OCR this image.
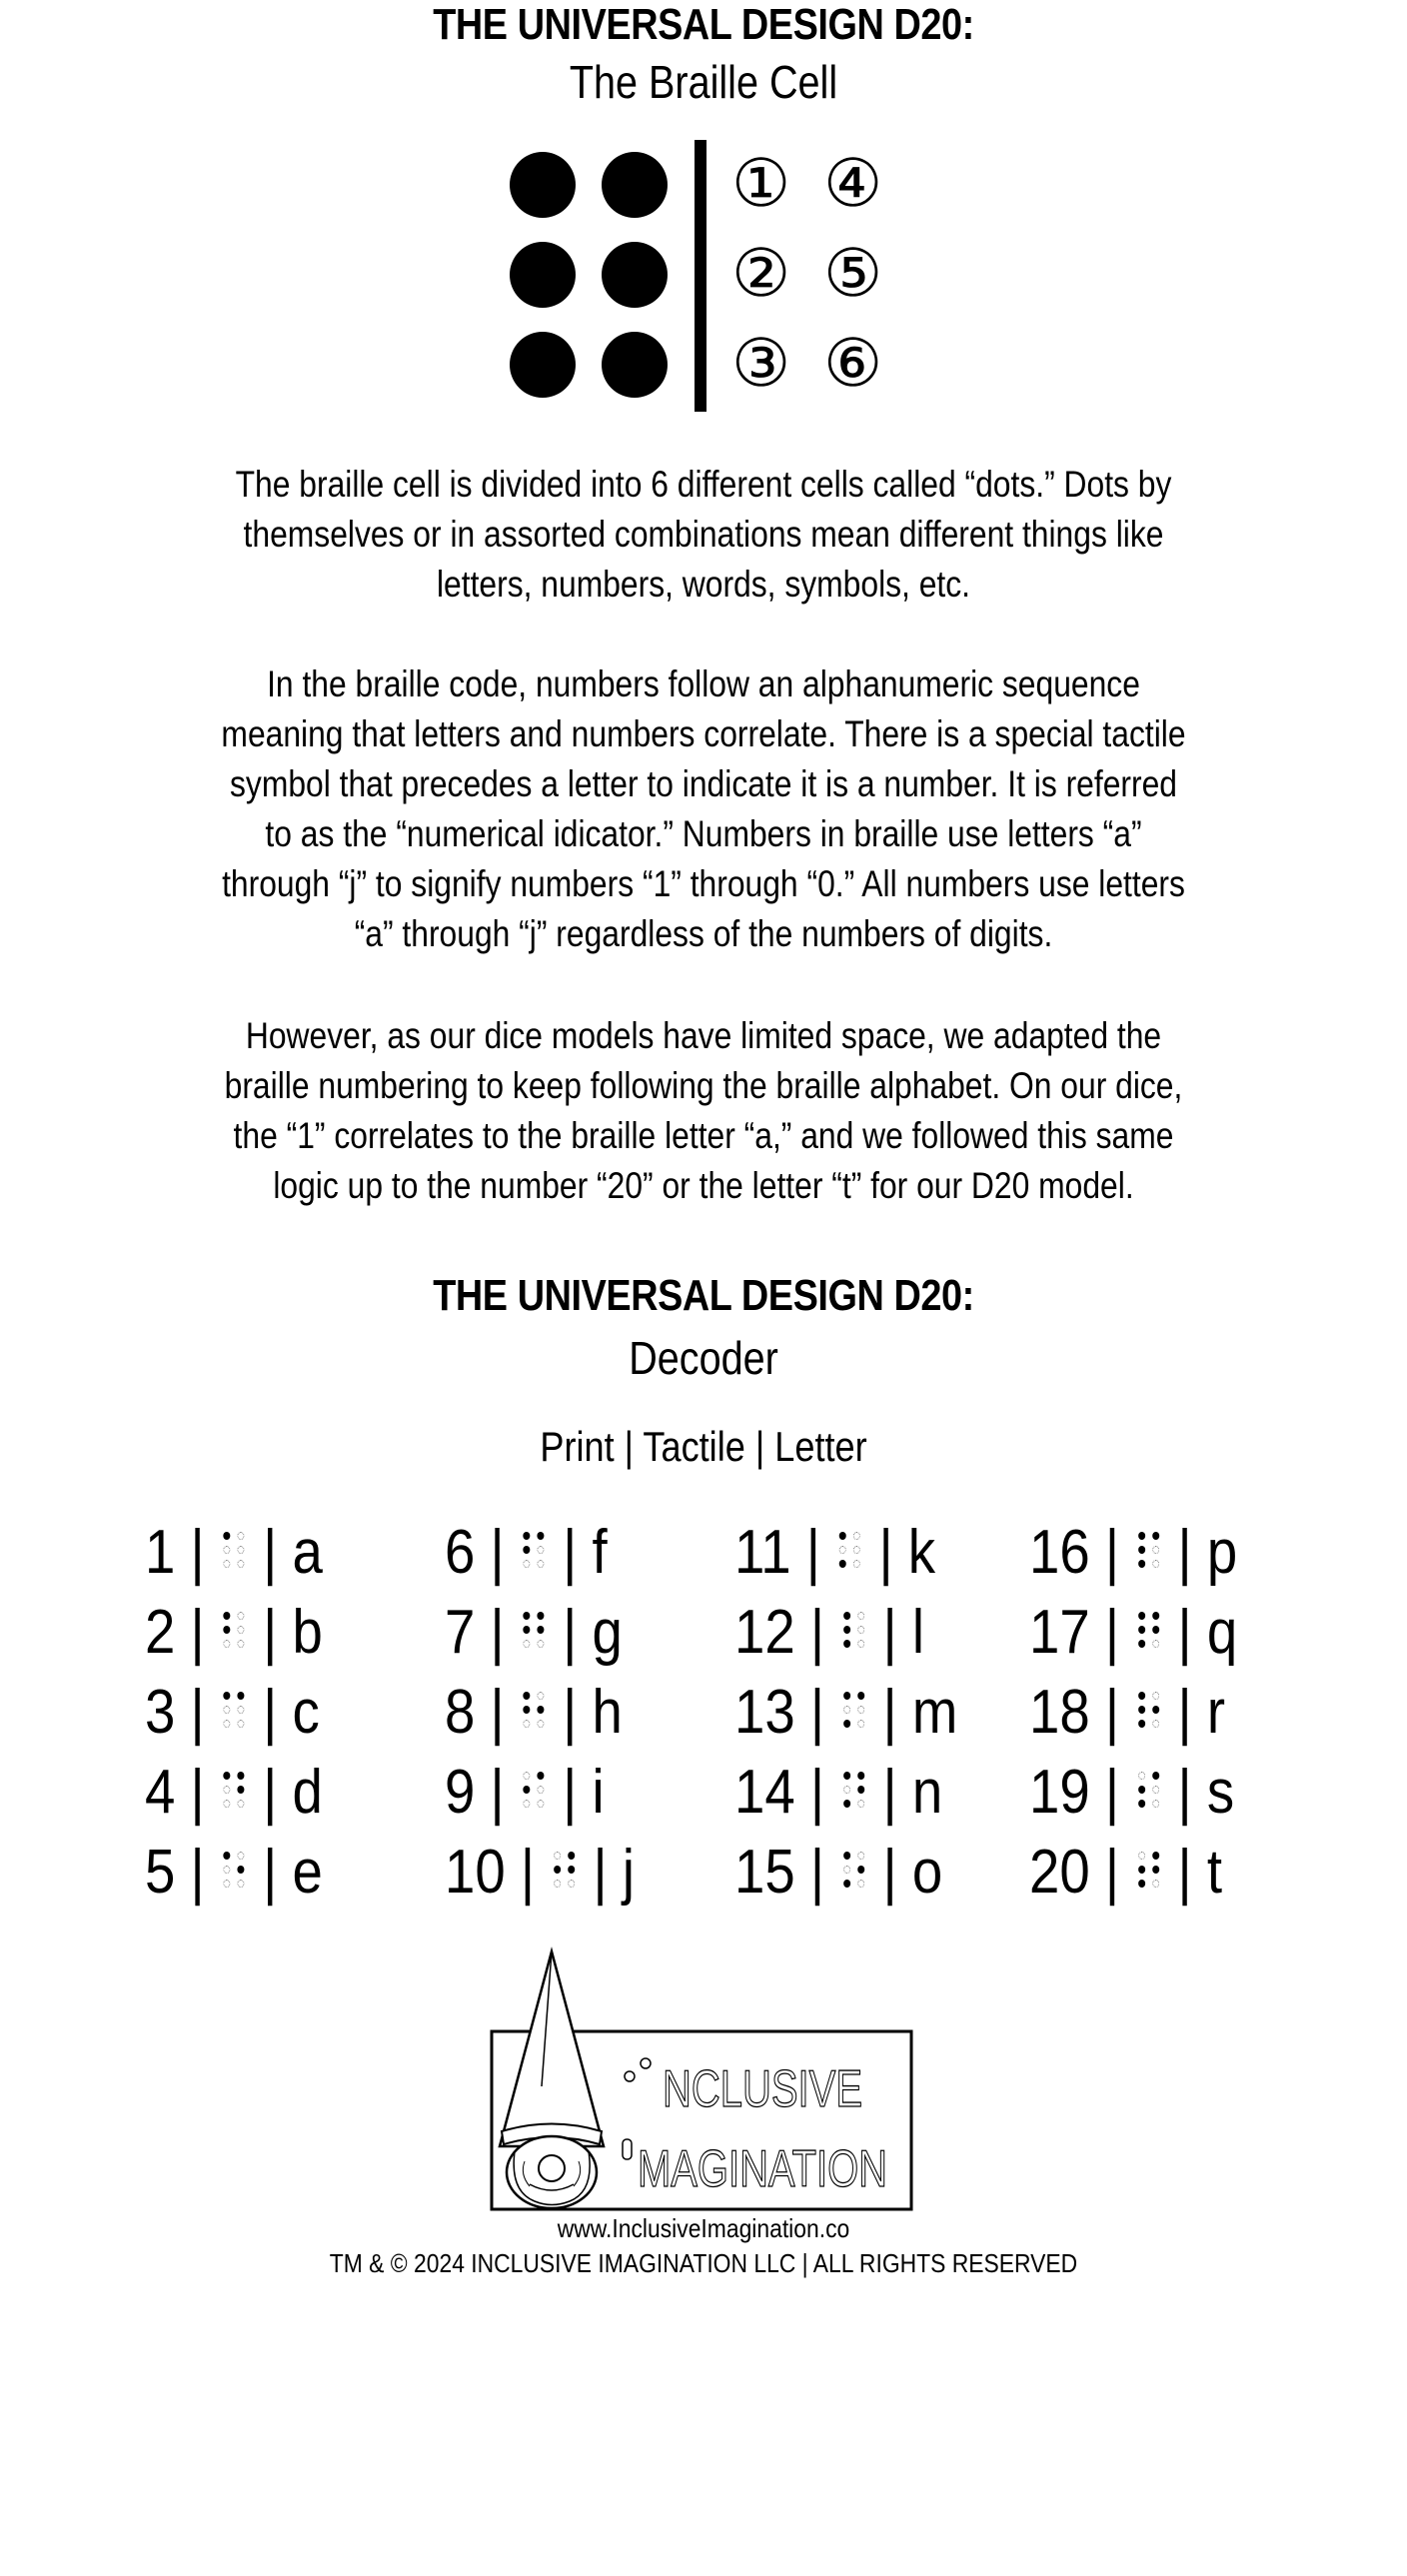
THE UNIVERSAL DESIGN D20:
The Braille Cell
① ④
② ⑤
③ ⑥
The braille cell is divided into 6 different cells called “dots.” Dots by
themselves or in assorted combinations mean different things like
letters, numbers, words, symbols, etc.
In the braille code, numbers follow an alphanumeric sequence
meaning that letters and numbers correlate. There is a special tactile
symbol that precedes a letter to indicate it is a number. It is referred
to as the “numerical idicator.” Numbers in braille use letters “a”
through “j” to signify numbers “1” through “0.” All numbers use letters
“a” through “j” regardless of the numbers of digits.
However, as our dice models have limited space, we adapted the
braille numbering to keep following the braille alphabet. On our dice,
the “1” correlates to the braille letter “a,” and we followed this same
logic up to the number “20” or the letter “t” for our D20 model.
THE UNIVERSAL DESIGN D20:
Decoder
Print | Tactile | Letter
1 |
| a
2 |
| b
3 |
| c
4 |
| d
5 |
| e
6 |
| f
7 |
| g
8 |
| h
9 |
| i
10 |
| j
11 |
| k
12 |
| l
13 |
| m
14 |
| n
15 |
| o
16 |
| p
17 |
| q
18 |
| r
19 |
| s
20 |
| t
NCLUSIVE
MAGINATION
www.InclusiveImagination.co
TM & © 2024 INCLUSIVE IMAGINATION LLC | ALL RIGHTS RESERVED
